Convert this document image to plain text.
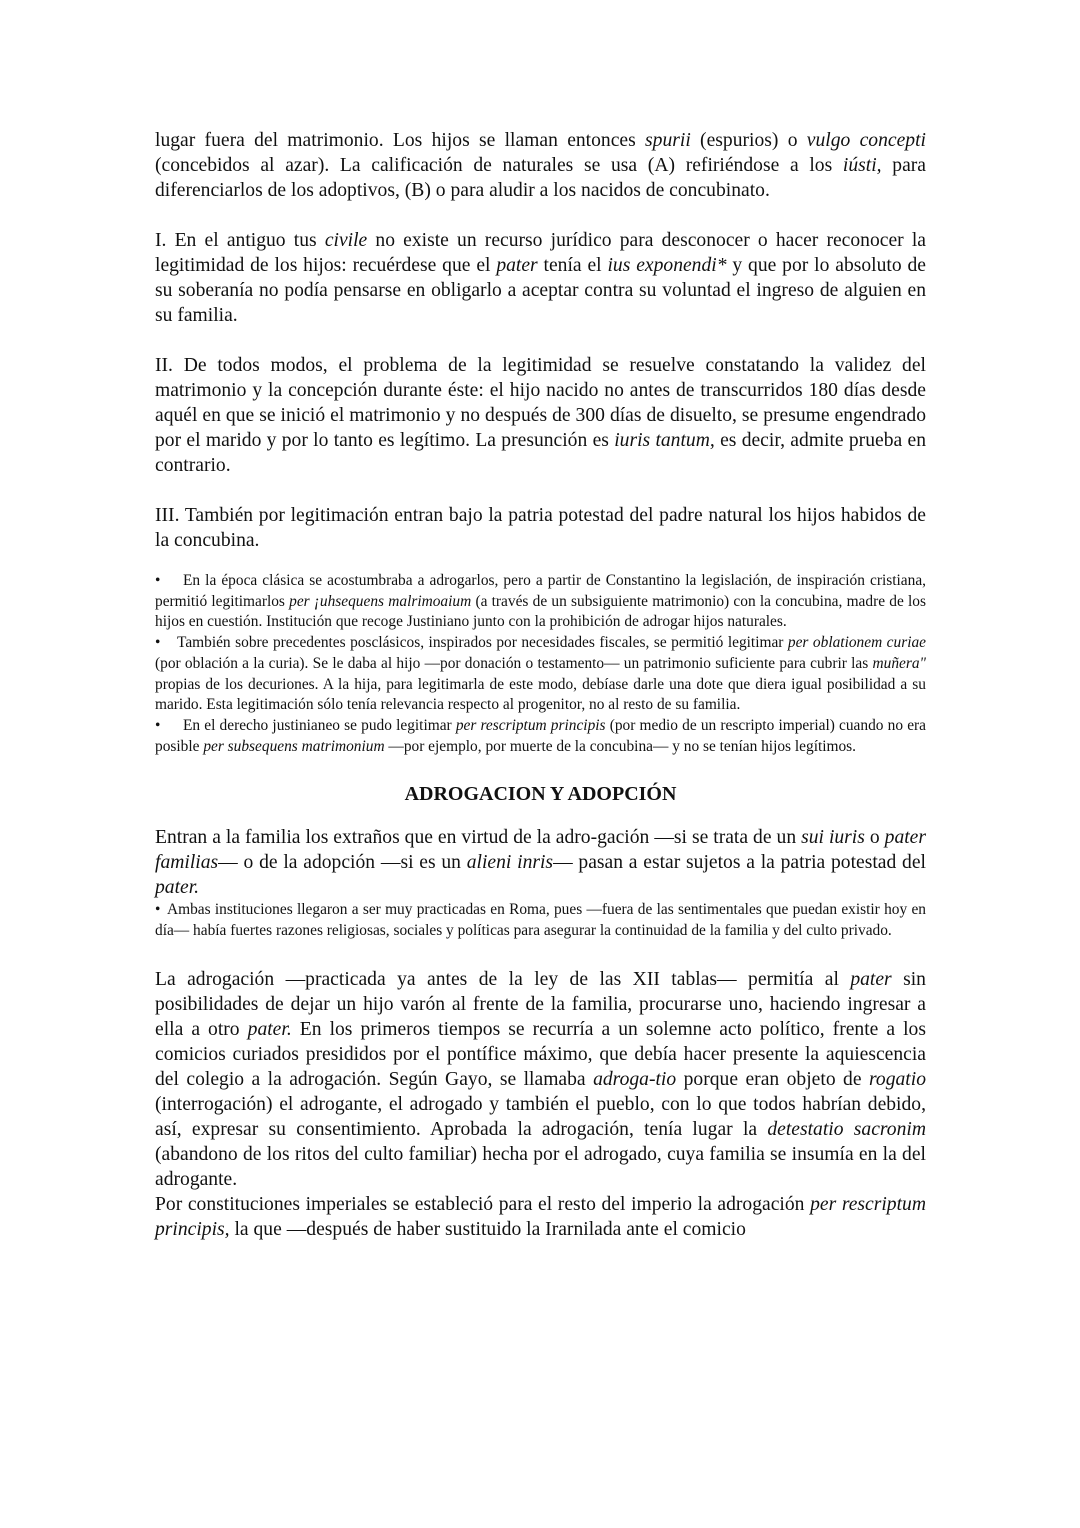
lugar fuera del matrimonio. Los hijos se llaman entonces spurii (espurios) o vulgo concepti (concebidos al azar). La calificación de naturales se usa (A) refiriéndose a los iústi, para diferenciarlos de los adoptivos, (B) o para aludir a los nacidos de concubinato.

I. En el antiguo tus civile no existe un recurso jurídico para desconocer o hacer reconocer la legitimidad de los hijos: recuérdese que el pater tenía el ius exponendi* y que por lo absoluto de su soberanía no podía pensarse en obligarlo a aceptar contra su voluntad el ingreso de alguien en su familia.

II. De todos modos, el problema de la legitimidad se resuelve constatando la validez del matrimonio y la concepción durante éste: el hijo nacido no antes de transcurridos 180 días desde aquél en que se inició el matrimonio y no después de 300 días de disuelto, se presume engendrado por el marido y por lo tanto es legítimo. La presunción es iuris tantum, es decir, admite prueba en contrario.

III. También por legitimación entran bajo la patria potestad del padre natural los hijos habidos de la concubina.

• En la época clásica se acostumbraba a adrogarlos, pero a partir de Constantino la legislación, de inspiración cristiana, permitió legitimarlos per ¡uhsequens malrimoaium (a través de un subsiguiente matrimonio) con la concubina, madre de los hijos en cuestión. Institución que recoge Justiniano junto con la prohibición de adrogar hijos naturales.

• También sobre precedentes posclásicos, inspirados por necesidades fiscales, se permitió legitimar per oblationem curiae (por oblación a la curia). Se le daba al hijo —por donación o testamento— un patrimonio suficiente para cubrir las muñera" propias de los decuriones. A la hija, para legitimarla de este modo, debíase darle una dote que diera igual posibilidad a su marido. Esta legitimación sólo tenía relevancia respecto al progenitor, no al resto de su familia.

• En el derecho justinianeo se pudo legitimar per rescriptum principis (por medio de un rescripto imperial) cuando no era posible per subsequens matrimonium —por ejemplo, por muerte de la concubina— y no se tenían hijos legítimos.

ADROGACION Y ADOPCIÓN

Entran a la familia los extraños que en virtud de la adro-gación —si se trata de un sui iuris o pater familias— o de la adopción —si es un alieni inris— pasan a estar sujetos a la patria potestad del pater.

• Ambas instituciones llegaron a ser muy practicadas en Roma, pues —fuera de las sentimentales que puedan existir hoy en día— había fuertes razones religiosas, sociales y políticas para asegurar la continuidad de la familia y del culto privado.

La adrogación —practicada ya antes de la ley de las XII tablas— permitía al pater sin posibilidades de dejar un hijo varón al frente de la familia, procurarse uno, haciendo ingresar a ella a otro pater. En los primeros tiempos se recurría a un solemne acto político, frente a los comicios curiados presididos por el pontífice máximo, que debía hacer presente la aquiescencia del colegio a la adrogación. Según Gayo, se llamaba adroga-tio porque eran objeto de rogatio (interrogación) el adrogante, el adrogado y también el pueblo, con lo que todos habrían debido, así, expresar su consentimiento. Aprobada la adrogación, tenía lugar la detestatio sacronim (abandono de los ritos del culto familiar) hecha por el adrogado, cuya familia se insumía en la del adrogante.

Por constituciones imperiales se estableció para el resto del imperio la adrogación per rescriptum principis, la que —después de haber sustituido la Irarnilada ante el comicio
